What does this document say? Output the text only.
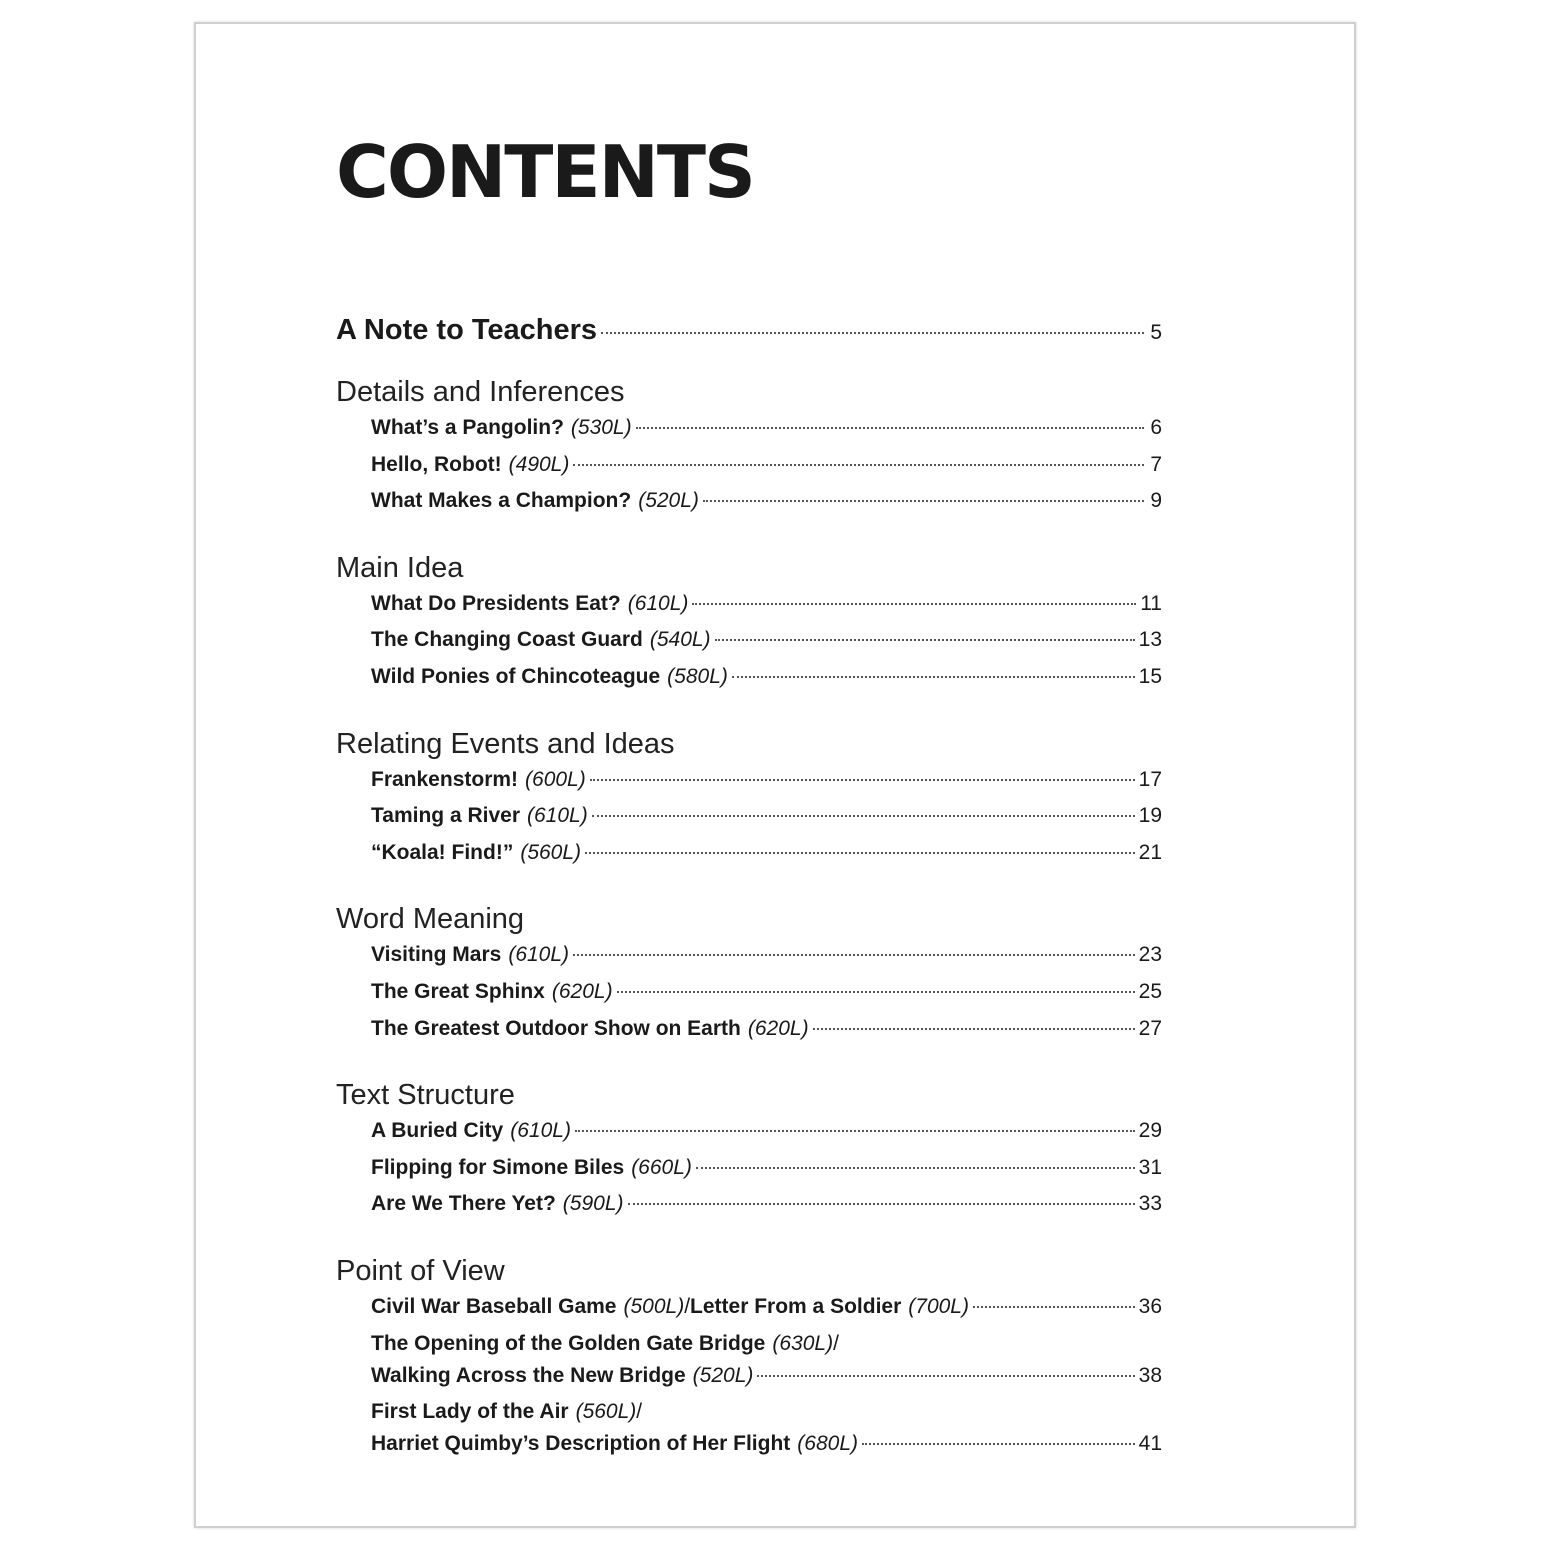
CONTENTS
A Note to Teachers	5
Details and Inferences
What’s a Pangolin? (530L)	6
Hello, Robot! (490L)	7
What Makes a Champion? (520L)	9
Main Idea
What Do Presidents Eat? (610L)	11
The Changing Coast Guard (540L)	13
Wild Ponies of Chincoteague (580L)	15
Relating Events and Ideas
Frankenstorm! (600L)	17
Taming a River (610L)	19
“Koala! Find!” (560L)	21
Word Meaning
Visiting Mars (610L)	23
The Great Sphinx (620L)	25
The Greatest Outdoor Show on Earth (620L)	27
Text Structure
A Buried City (610L)	29
Flipping for Simone Biles (660L)	31
Are We There Yet? (590L)	33
Point of View
Civil War Baseball Game (500L) / Letter From a Soldier (700L)	36
The Opening of the Golden Gate Bridge (630L) /
Walking Across the New Bridge (520L)	38
First Lady of the Air (560L) /
Harriet Quimby’s Description of Her Flight (680L)	41
